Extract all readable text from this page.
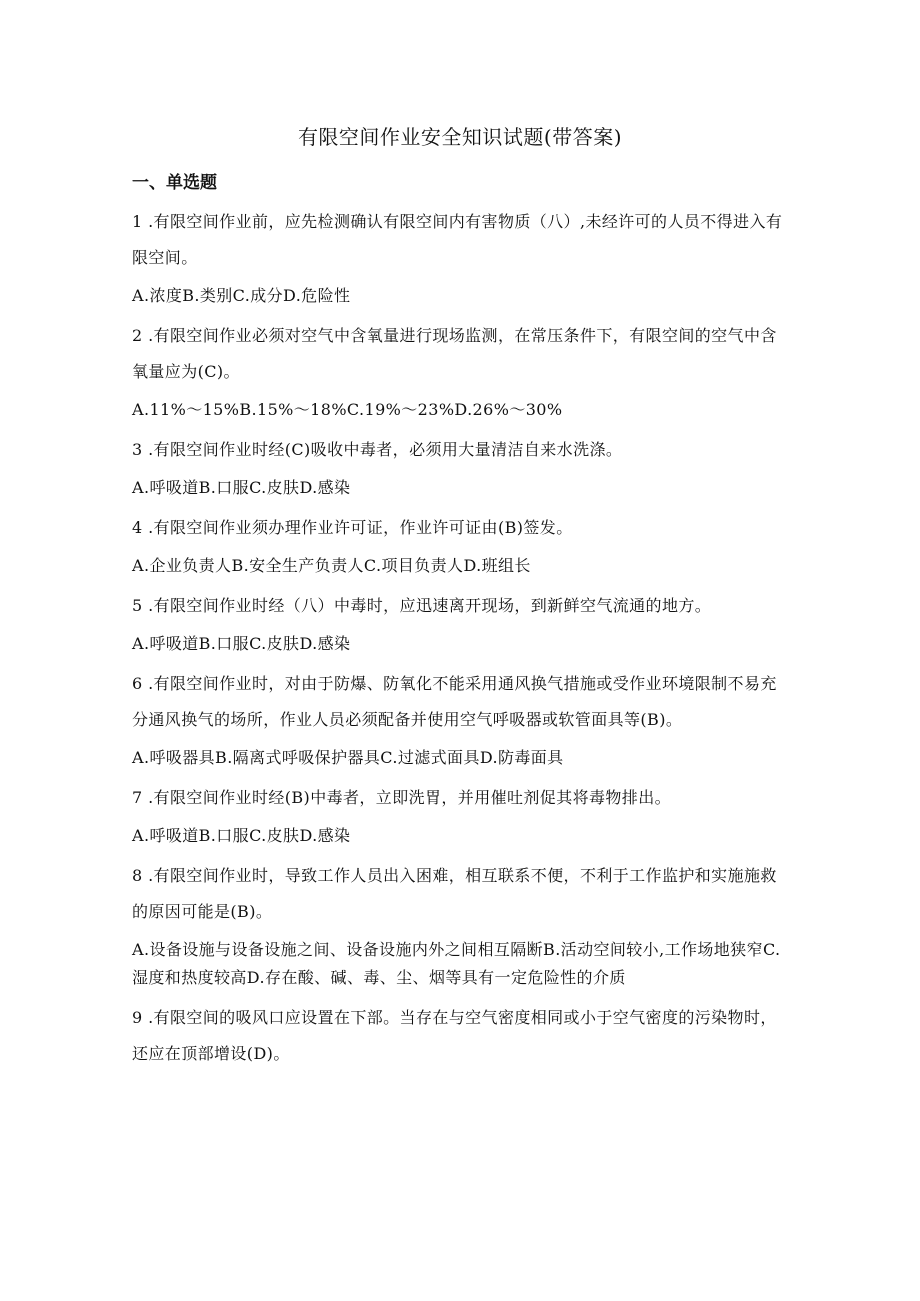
有限空间作业安全知识试题(带答案)
一、单选题

1 .有限空间作业前，应先检测确认有限空间内有害物质（八）,未经许可的人员不得进入有限空间。

A.浓度B.类别C.成分D.危险性

2 .有限空间作业必须对空气中含氧量进行现场监测，在常压条件下，有限空间的空气中含氧量应为(C)。

A.11%〜15%B.15%〜18%C.19%〜23%D.26%〜30%

3 .有限空间作业时经(C)吸收中毒者，必须用大量清洁自来水洗涤。

A.呼吸道B.口服C.皮肤D.感染

4 .有限空间作业须办理作业许可证，作业许可证由(B)签发。

A.企业负责人B.安全生产负责人C.项目负责人D.班组长

5 .有限空间作业时经（八）中毒时，应迅速离开现场，到新鲜空气流通的地方。

A.呼吸道B.口服C.皮肤D.感染

6 .有限空间作业时，对由于防爆、防氧化不能采用通风换气措施或受作业环境限制不易充分通风换气的场所，作业人员必须配备并使用空气呼吸器或软管面具等(B)。

A.呼吸器具B.隔离式呼吸保护器具C.过滤式面具D.防毒面具

7 .有限空间作业时经(B)中毒者，立即洗胃，并用催吐剂促其将毒物排出。

A.呼吸道B.口服C.皮肤D.感染

8 .有限空间作业时，导致工作人员出入困难，相互联系不便，不利于工作监护和实施施救的原因可能是(B)。

A.设备设施与设备设施之间、设备设施内外之间相互隔断B.活动空间较小,工作场地狭窄C.湿度和热度较高D.存在酸、碱、毒、尘、烟等具有一定危险性的介质

9 .有限空间的吸风口应设置在下部。当存在与空气密度相同或小于空气密度的污染物时，还应在顶部增设(D)。
